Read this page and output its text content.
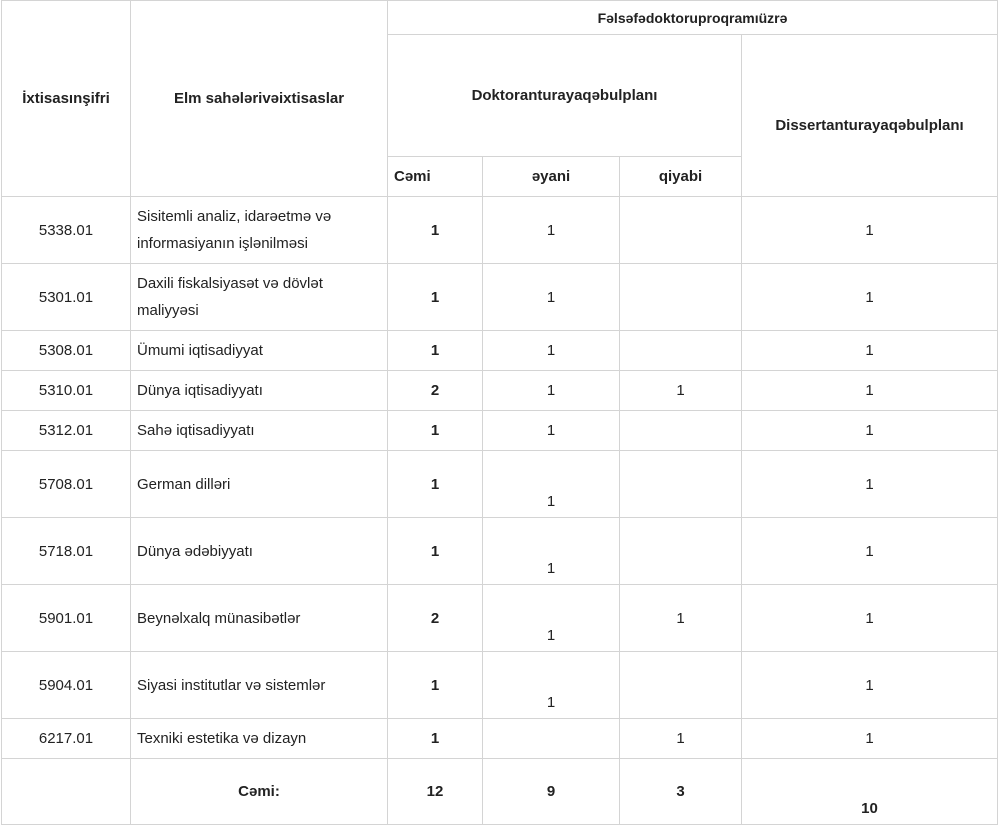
İxtisasınşifri	Elm sahələrivəixtisaslar	Fəlsəfədoktoruproqramıüzrə			
		Doktoranturayaqəbulplanı			Dissertanturayaqəbulplanı
		Cəmi	əyani	qiyabi	
5338.01	Sisitemli analiz, idarəetmə və informasiyanın işlənilməsi	1	1		1
5301.01	Daxili fiskalsiyasət və dövlət maliyyəsi	1	1		1
5308.01	Ümumi iqtisadiyyat	1	1		1
5310.01	Dünya iqtisadiyyatı	2	1	1	1
5312.01	Sahə iqtisadiyyatı	1	1		1
5708.01	German dilləri	1	1		1
5718.01	Dünya ədəbiyyatı	1	1		1
5901.01	Beynəlxalq münasibətlər	2	1	1	1
5904.01	Siyasi institutlar və sistemlər	1	1		1
6217.01	Texniki estetika və dizayn	1		1	1
	Cəmi:	12	9	3	10
